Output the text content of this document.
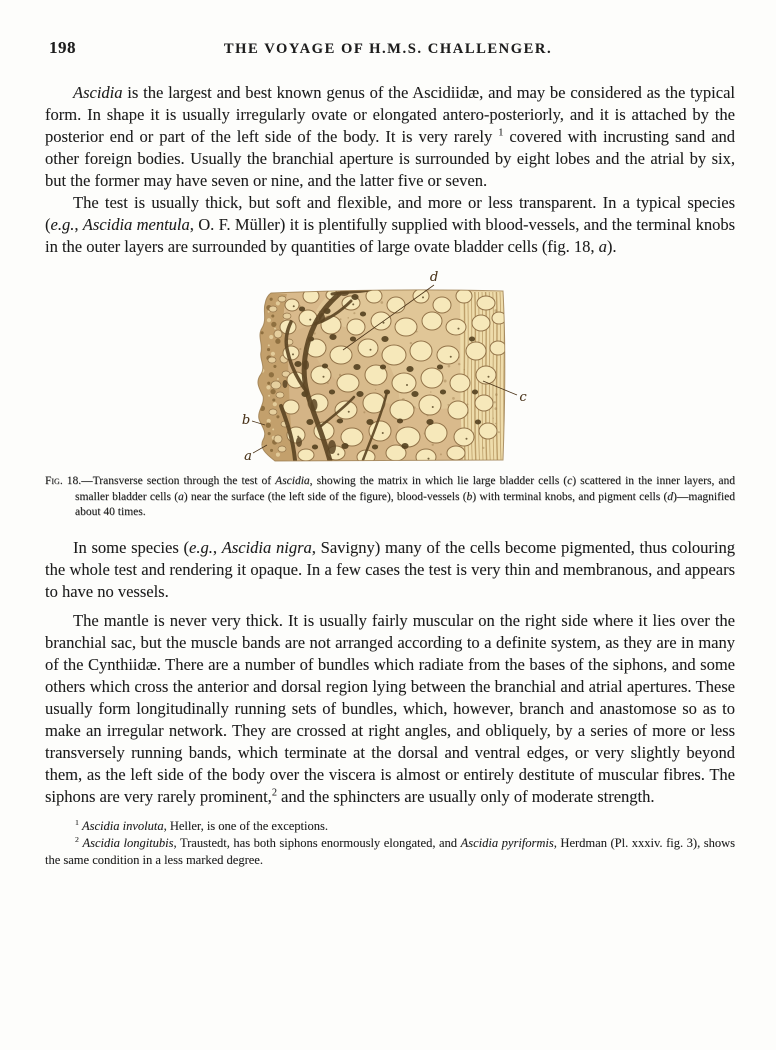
198	THE VOYAGE OF H.M.S. CHALLENGER.

Ascidia is the largest and best known genus of the Ascidiidæ, and may be considered as the typical form. In shape it is usually irregularly ovate or elongated antero-posteriorly, and it is attached by the posterior end or part of the left side of the body. It is very rarely $^1$ covered with incrusting sand and other foreign bodies. Usually the branchial aperture is surrounded by eight lobes and the atrial by six, but the former may have seven or nine, and the latter five or seven.

The test is usually thick, but soft and flexible, and more or less transparent. In a typical species (e.g., Ascidia mentula, O. F. Müller) it is plentifully supplied with blood-vessels, and the terminal knobs in the outer layers are surrounded by quantities of large ovate bladder cells (fig. 18, a).

d
c
b
a
Fig. 18.—Transverse section through the test of Ascidia, showing the matrix in which lie large bladder cells (c) scattered in the inner layers, and smaller bladder cells (a) near the surface (the left side of the figure), blood-vessels (b) with terminal knobs, and pigment cells (d)—magnified about 40 times.

In some species (e.g., Ascidia nigra, Savigny) many of the cells become pigmented, thus colouring the whole test and rendering it opaque. In a few cases the test is very thin and membranous, and appears to have no vessels.

The mantle is never very thick. It is usually fairly muscular on the right side where it lies over the branchial sac, but the muscle bands are not arranged according to a definite system, as they are in many of the Cynthiidæ. There are a number of bundles which radiate from the bases of the siphons, and some others which cross the anterior and dorsal region lying between the branchial and atrial apertures. These usually form longitudinally running sets of bundles, which, however, branch and anastomose so as to make an irregular network. They are crossed at right angles, and obliquely, by a series of more or less transversely running bands, which terminate at the dorsal and ventral edges, or very slightly beyond them, as the left side of the body over the viscera is almost or entirely destitute of muscular fibres. The siphons are very rarely prominent,$^2$ and the sphincters are usually only of moderate strength.

$^1$ Ascidia involuta, Heller, is one of the exceptions.

$^2$ Ascidia longitubis, Traustedt, has both siphons enormously elongated, and Ascidia pyriformis, Herdman (Pl. xxxiv. fig. 3), shows the same condition in a less marked degree.
